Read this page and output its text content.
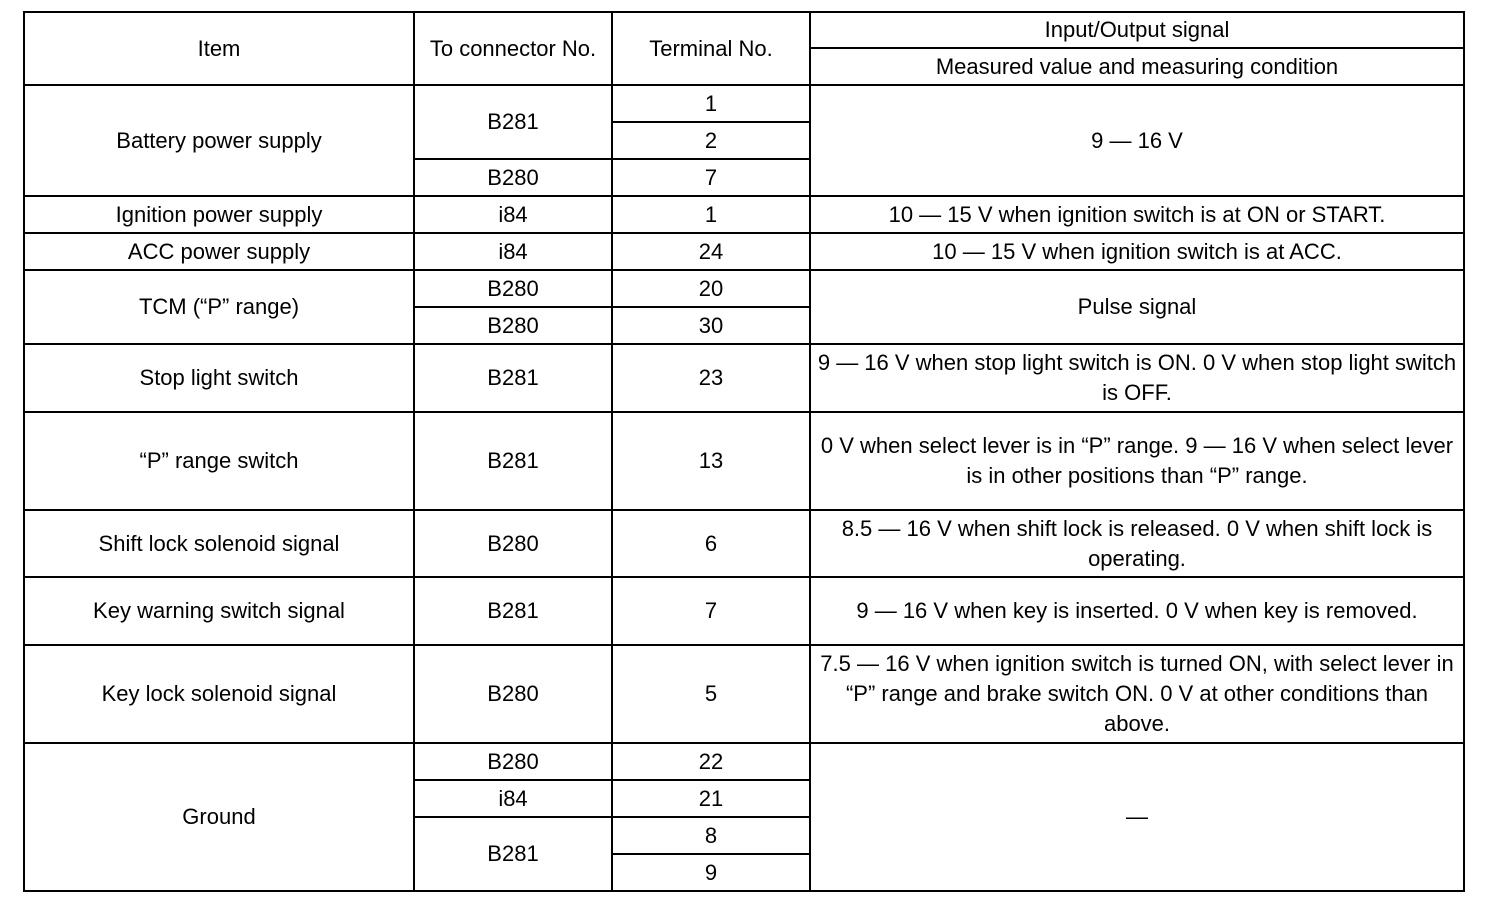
Item	To connector No.	Terminal No.	Input/Output signal
			Measured value and measuring condition
Battery power supply	B281	1	9 — 16 V
		2	
	B280	7	
Ignition power supply	i84	1	10 — 15 V when ignition switch is at ON or START.
ACC power supply	i84	24	10 — 15 V when ignition switch is at ACC.
TCM (“P” range)	B280	20	Pulse signal
	B280	30	
Stop light switch	B281	23	9 — 16 V when stop light switch is ON. 0 V when stop light switch is OFF.
“P” range switch	B281	13	0 V when select lever is in “P” range. 9 — 16 V when select lever is in other positions than “P” range.
Shift lock solenoid signal	B280	6	8.5 — 16 V when shift lock is released. 0 V when shift lock is operating.
Key warning switch signal	B281	7	9 — 16 V when key is inserted. 0 V when key is removed.
Key lock solenoid signal	B280	5	7.5 — 16 V when ignition switch is turned ON, with select lever in “P” range and brake switch ON. 0 V at other conditions than above.
Ground	B280	22	—
	i84	21	
	B281	8	
		9	
